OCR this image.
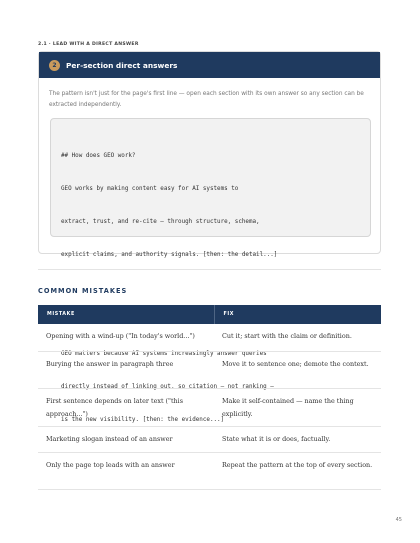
2.1 · LEAD WITH A DIRECT ANSWER
2	Per-section direct answers

The pattern isn't just for the page's first line — open each section with its own answer so any section can be extracted independently.

## How does GEO work?

GEO works by making content easy for AI systems to

extract, trust, and re-cite — through structure, schema,

explicit claims, and authority signals. [then: the detail...]

GEO matters because AI systems increasingly answer queries

directly instead of linking out, so citation — not ranking —

is the new visibility. [then: the evidence...]

COMMON MISTAKES
MISTAKE	FIX
Opening with a wind-up ("In today's world...")	Cut it; start with the claim or definition.
Burying the answer in paragraph three	Move it to sentence one; demote the context.
First sentence depends on later text ("this approach...")	Make it self-contained — name the thing explicitly.
Marketing slogan instead of an answer	State what it is or does, factually.
Only the page top leads with an answer	Repeat the pattern at the top of every section.
45
